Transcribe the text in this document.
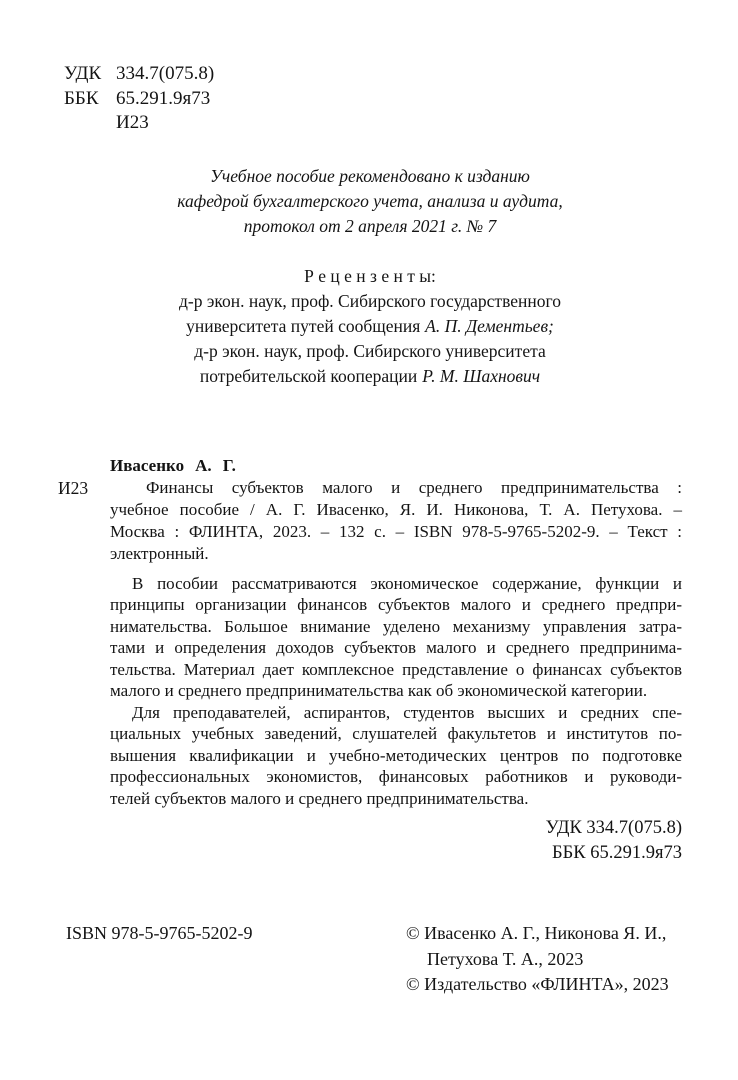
УДК 334.7(075.8)
ББК 65.291.9я73
И23
Учебное пособие рекомендовано к изданию
кафедрой бухгалтерского учета, анализа и аудита,
протокол от 2 апреля 2021 г. № 7
Р е ц е н з е н т ы:
д-р экон. наук, проф. Сибирского государственного
университета путей сообщения А. П. Дементьев;
д-р экон. наук, проф. Сибирского университета
потребительской кооперации Р. М. Шахнович
Ивасенко А. Г.
И23	Финансы субъектов малого и среднего предпринимательства :
учебное пособие / А. Г. Ивасенко, Я. И. Никонова, Т. А. Петухова. –
Москва : ФЛИНТА, 2023. – 132 с. – ISBN 978-5-9765-5202-9. – Текст :
электронный.
В пособии рассматриваются экономическое содержание, функции и
принципы организации финансов субъектов малого и среднего предпри-
нимательства. Большое внимание уделено механизму управления затра-
тами и определения доходов субъектов малого и среднего предпринима-
тельства. Материал дает комплексное представление о финансах субъектов
малого и среднего предпринимательства как об экономической категории.
Для преподавателей, аспирантов, студентов высших и средних спе-
циальных учебных заведений, слушателей факультетов и институтов по-
вышения квалификации и учебно-методических центров по подготовке
профессиональных экономистов, финансовых работников и руководи-
телей субъектов малого и среднего предпринимательства.
УДК 334.7(075.8)
ББК 65.291.9я73
ISBN 978-5-9765-5202-9	© Ивасенко А. Г., Никонова Я. И.,
Петухова Т. А., 2023
© Издательство «ФЛИНТА», 2023
